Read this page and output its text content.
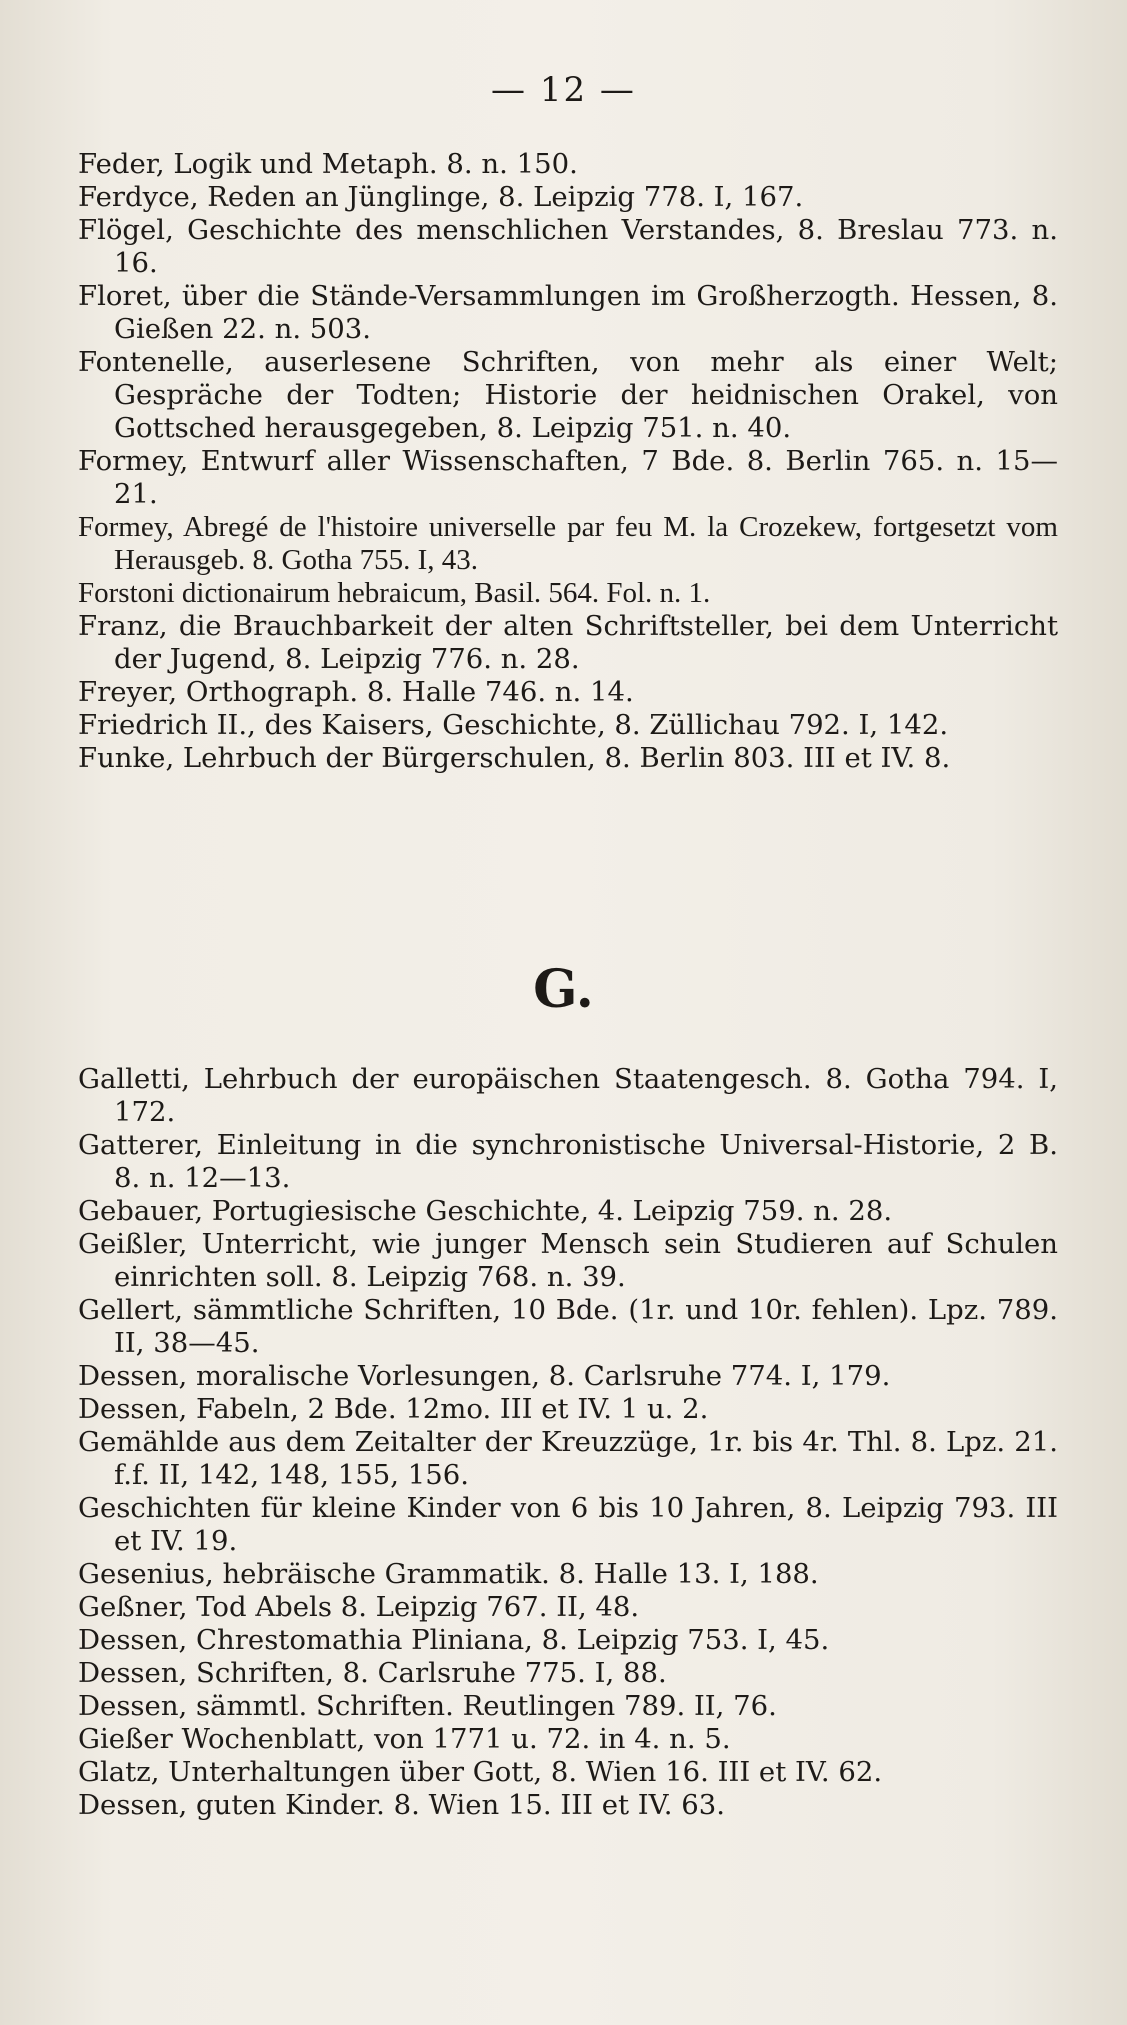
— 12 —
Feder, Logik und Metaph. 8. n. 150.
Ferdyce, Reden an Jünglinge, 8. Leipzig 778. I, 167.
Flögel, Geschichte des menschlichen Verstandes, 8. Breslau 773. n. 16.
Floret, über die Stände-Versammlungen im Großherzogth. Hessen, 8. Gießen 22. n. 503.
Fontenelle, auserlesene Schriften, von mehr als einer Welt; Gespräche der Todten; Historie der heidnischen Orakel, von Gottsched herausgegeben, 8. Leipzig 751. n. 40.
Formey, Entwurf aller Wissenschaften, 7 Bde. 8. Berlin 765. n. 15—21.
Formey, Abregé de l'histoire universelle par feu M. la Crozekew, fortgesetzt vom Herausgeb. 8. Gotha 755. I, 43.
Forstoni dictionairum hebraicum, Basil. 564. Fol. n. 1.
Franz, die Brauchbarkeit der alten Schriftsteller, bei dem Unterricht der Jugend, 8. Leipzig 776. n. 28.
Freyer, Orthograph. 8. Halle 746. n. 14.
Friedrich II., des Kaisers, Geschichte, 8. Züllichau 792. I, 142.
Funke, Lehrbuch der Bürgerschulen, 8. Berlin 803. III et IV. 8.
G.
Galletti, Lehrbuch der europäischen Staatengesch. 8. Gotha 794. I, 172.
Gatterer, Einleitung in die synchronistische Universal-Historie, 2 B. 8. n. 12—13.
Gebauer, Portugiesische Geschichte, 4. Leipzig 759. n. 28.
Geißler, Unterricht, wie junger Mensch sein Studieren auf Schulen einrichten soll. 8. Leipzig 768. n. 39.
Gellert, sämmtliche Schriften, 10 Bde. (1r. und 10r. fehlen). Lpz. 789. II, 38—45.
Dessen, moralische Vorlesungen, 8. Carlsruhe 774. I, 179.
Dessen, Fabeln, 2 Bde. 12mo. III et IV. 1 u. 2.
Gemählde aus dem Zeitalter der Kreuzzüge, 1r. bis 4r. Thl. 8. Lpz. 21. f.f. II, 142, 148, 155, 156.
Geschichten für kleine Kinder von 6 bis 10 Jahren, 8. Leipzig 793. III et IV. 19.
Gesenius, hebräische Grammatik. 8. Halle 13. I, 188.
Geßner, Tod Abels 8. Leipzig 767. II, 48.
Dessen, Chrestomathia Pliniana, 8. Leipzig 753. I, 45.
Dessen, Schriften, 8. Carlsruhe 775. I, 88.
Dessen, sämmtl. Schriften. Reutlingen 789. II, 76.
Gießer Wochenblatt, von 1771 u. 72. in 4. n. 5.
Glatz, Unterhaltungen über Gott, 8. Wien 16. III et IV. 62.
Dessen, guten Kinder. 8. Wien 15. III et IV. 63.
